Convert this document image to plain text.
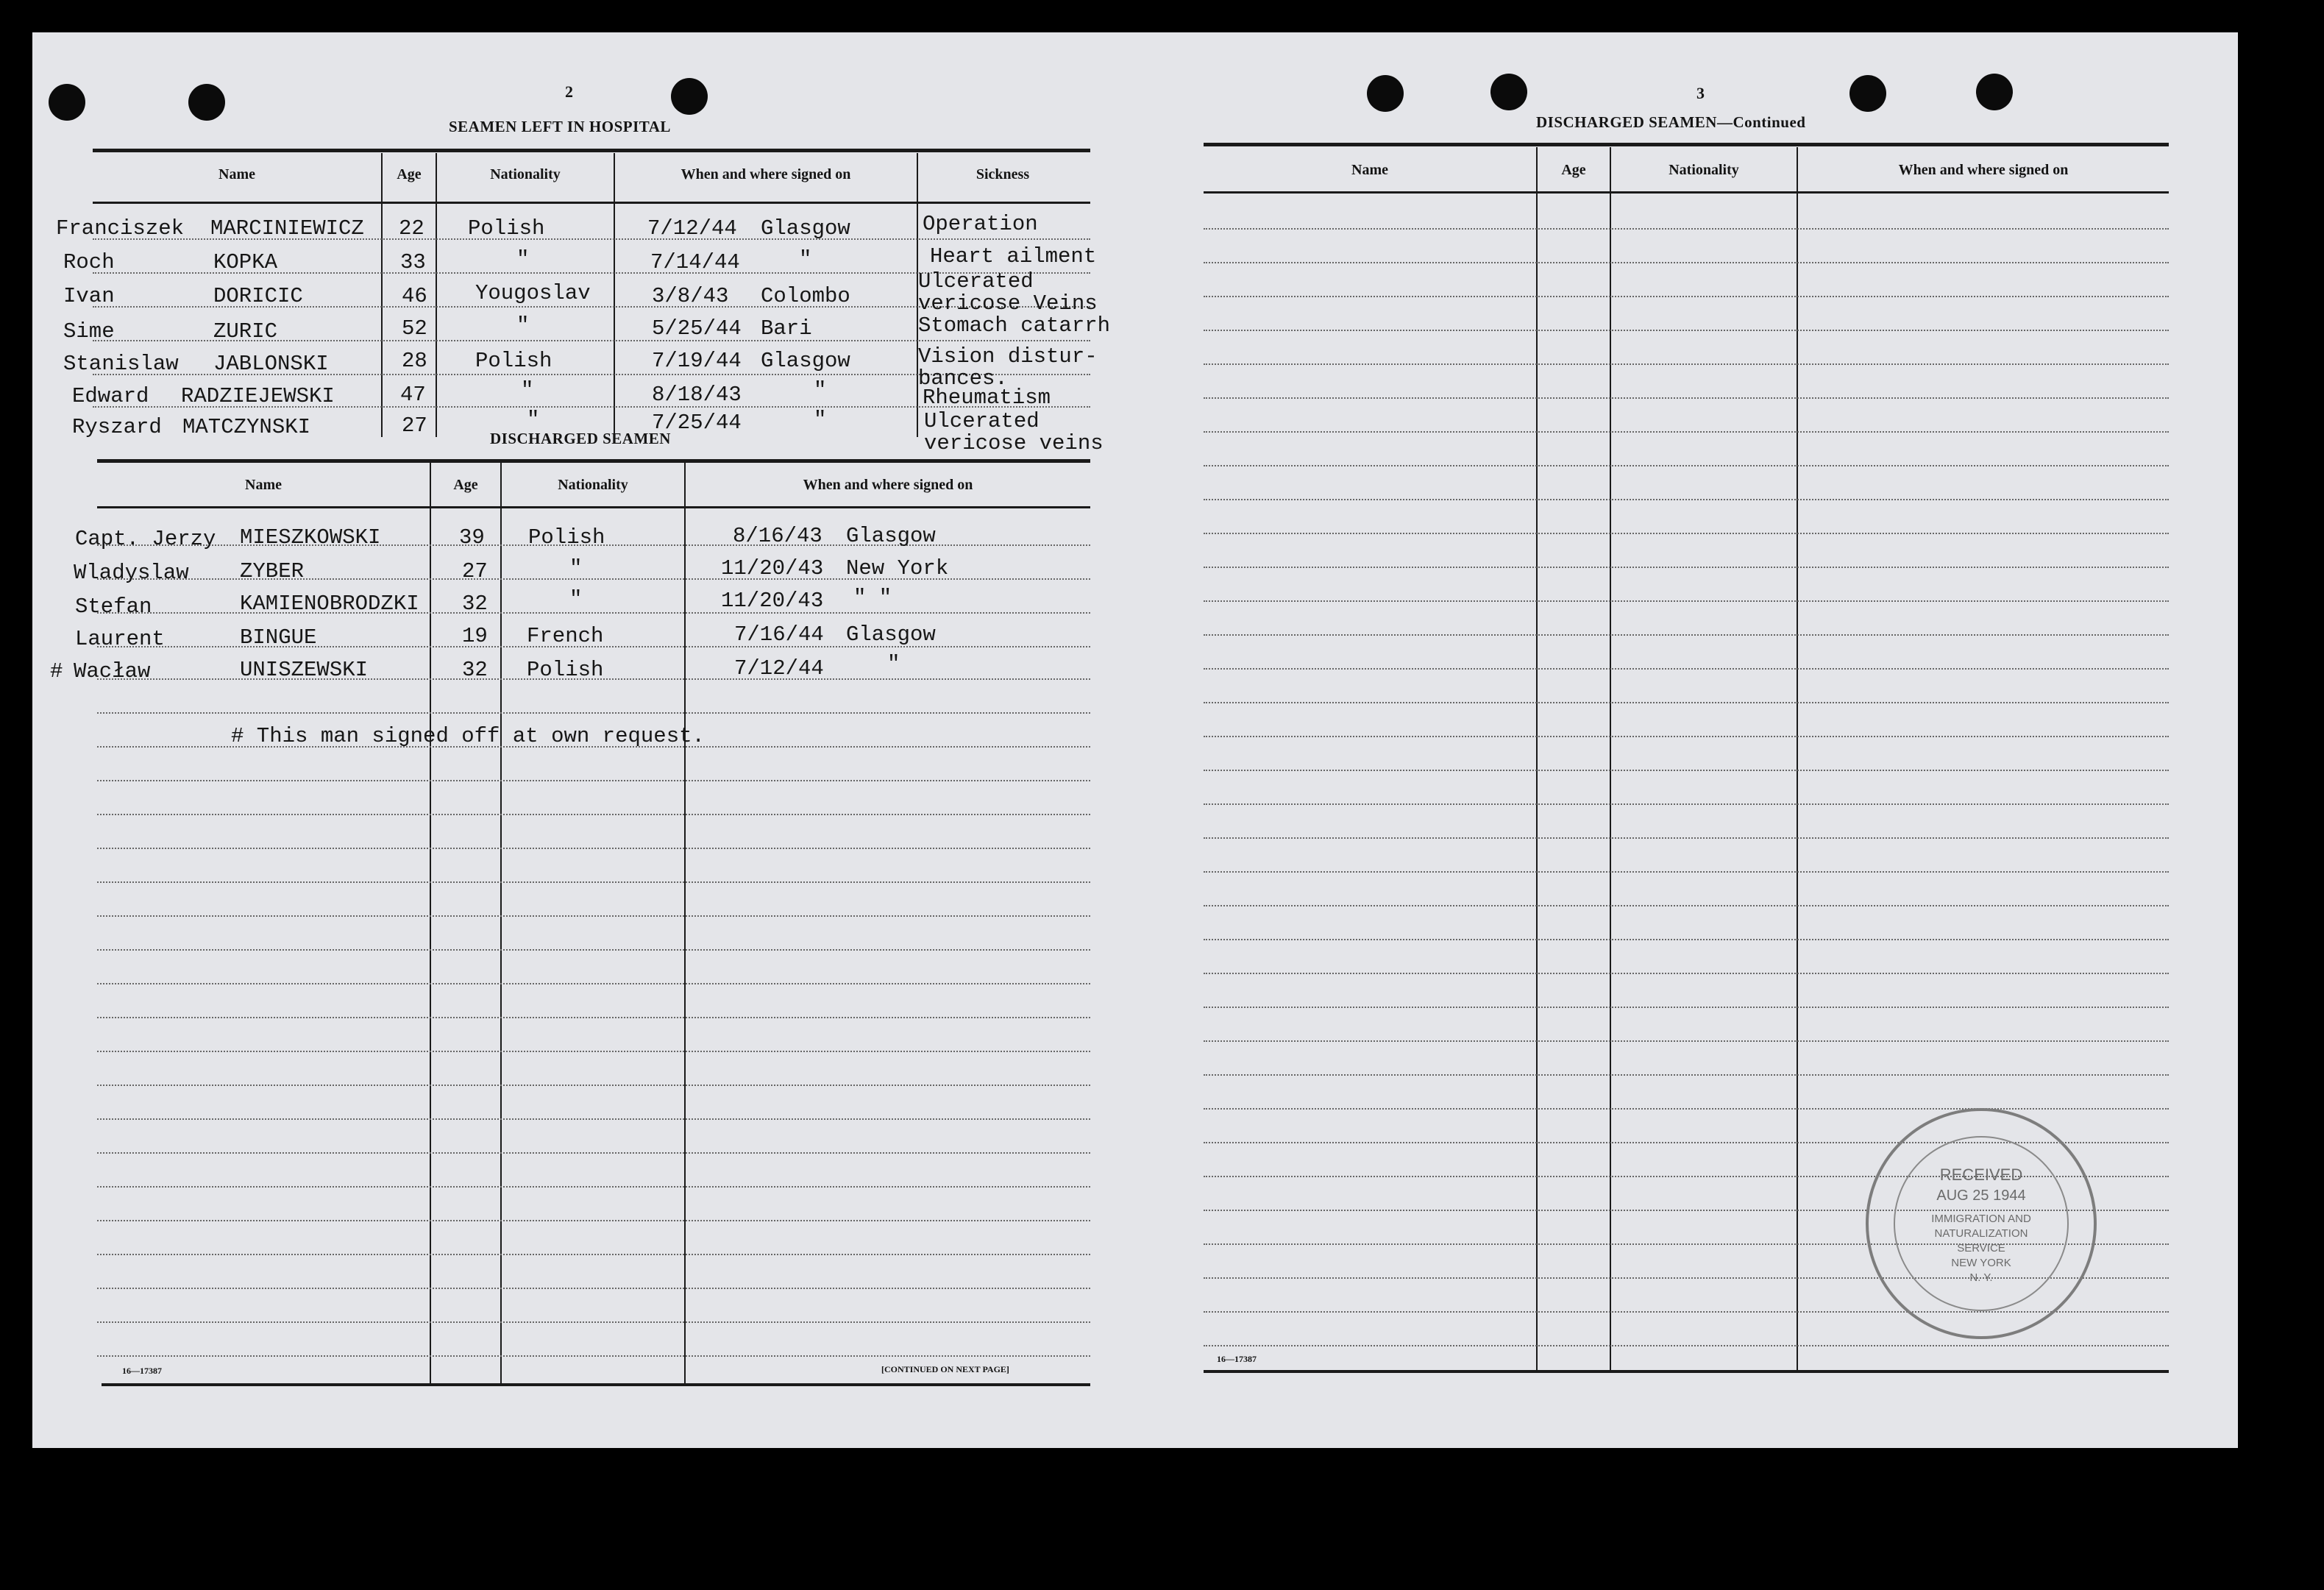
2
SEAMEN LEFT IN HOSPITAL
Name	Age	Nationality	When and where signed on	Sickness
Franciszek MARCINIEWICZ 22 Polish	7/12/44 Glasgow	Operation
Roch	KOPKA	33	"	7/14/44	"	Heart ailment
Ivan	DORICIC	46 Yougoslav	3/8/43 Colombo
Ulcerated
vericose Veins
Sime	ZURIC	52	"	5/25/44 Bari	Stomach catarrh
Stanislaw JABLONSKI	28 Polish	7/19/44 Glasgow	Vision distur-
bances.
Edward RADZIEJEWSKI	47	"	8/18/43	"	Rheumatism
Ryszard MATCZYNSKI	27	"	7/25/44	"	Ulcerated
vericose veins
DISCHARGED SEAMEN
Name	Age	Nationality	When and where signed on
Capt. Jerzy MIESZKOWSKI	39 Polish	8/16/43 Glasgow
Wladyslaw ZYBER	27	"	11/20/43 New York
Stefan	KAMIENOBRODZKI 32	"	11/20/43 " "
Laurent	BINGUE	19 French	7/16/44 Glasgow
# Wacław	UNISZEWSKI	32 Polish	7/12/44	"
# This man signed off at own request.
16—17387	[CONTINUED ON NEXT PAGE]
3
DISCHARGED SEAMEN—Continued
Name	Age	Nationality	When and where signed on
RECEIVED
AUG 25 1944
IMMIGRATION AND
NATURALIZATION
SERVICE
NEW YORK
N. Y.
16—17387
